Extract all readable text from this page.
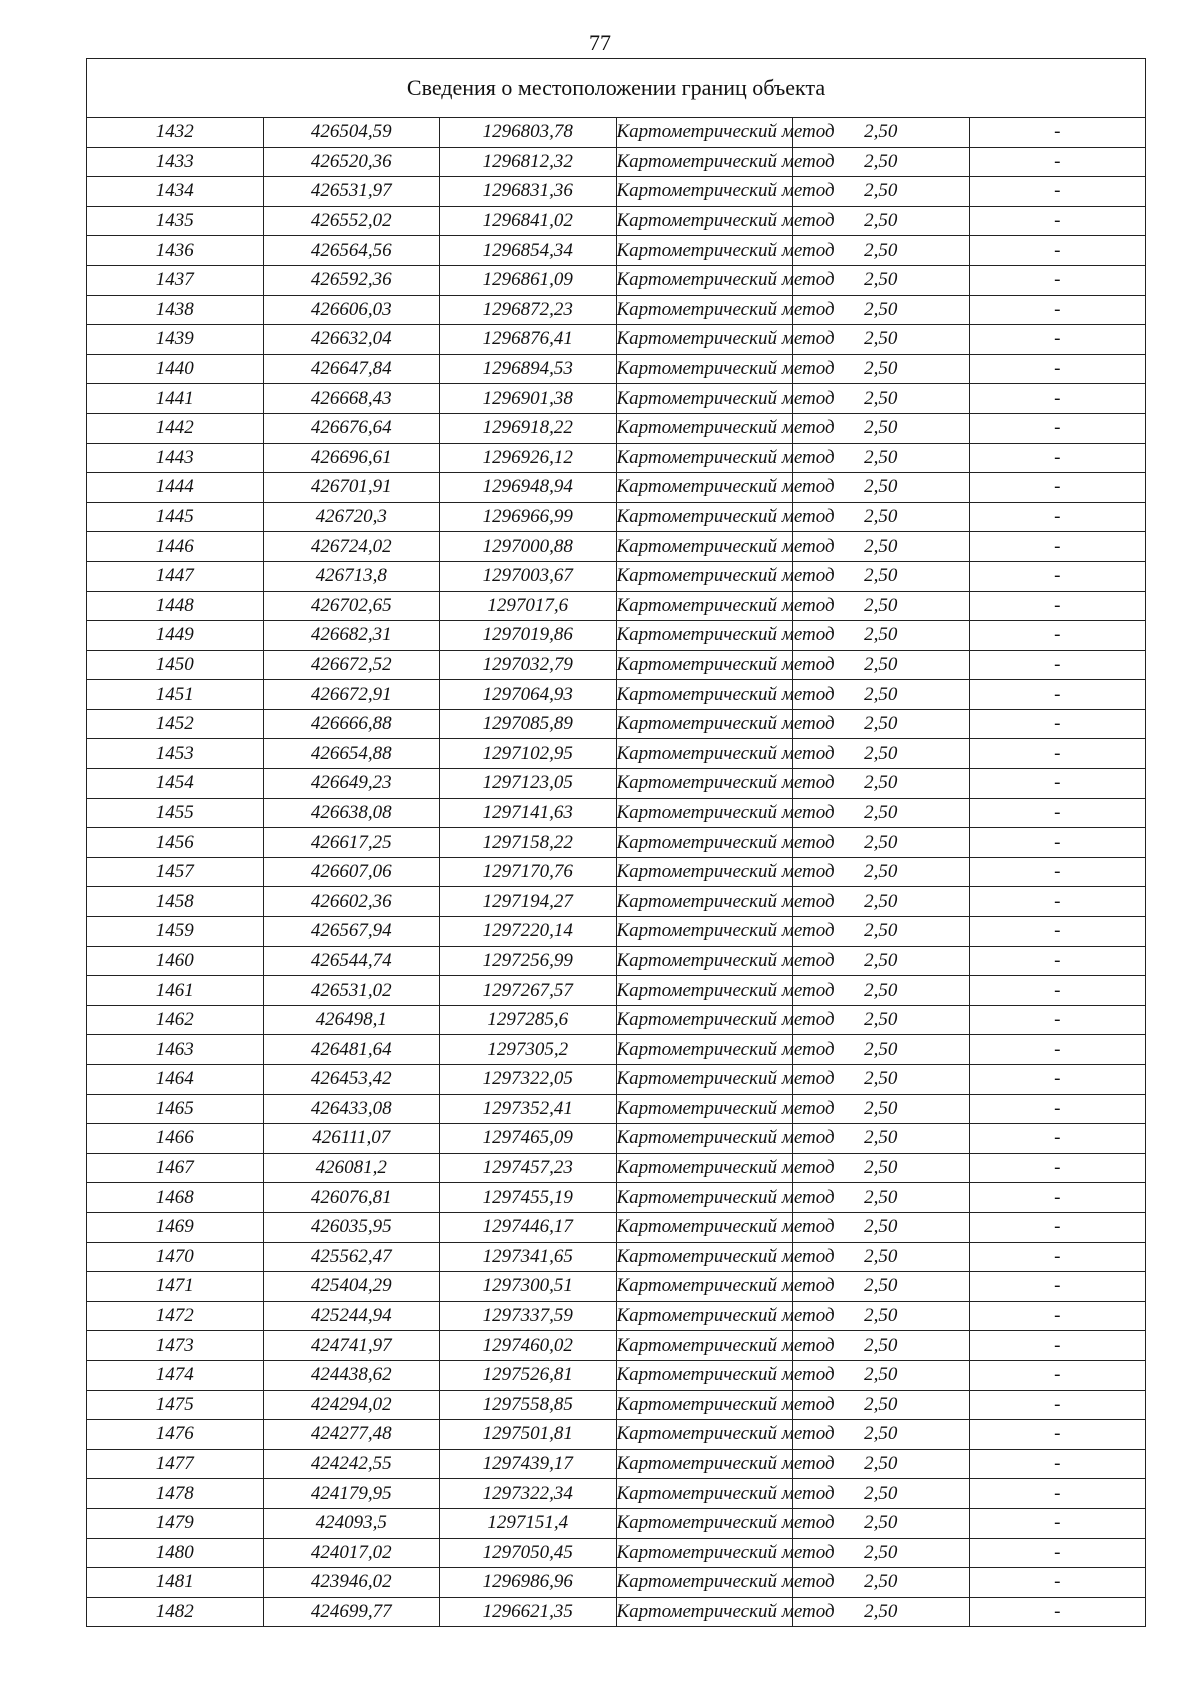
77
Сведения о местоположении границ объекта					
1432	426504,59	1296803,78	Картометрический метод	2,50	-
1433	426520,36	1296812,32	Картометрический метод	2,50	-
1434	426531,97	1296831,36	Картометрический метод	2,50	-
1435	426552,02	1296841,02	Картометрический метод	2,50	-
1436	426564,56	1296854,34	Картометрический метод	2,50	-
1437	426592,36	1296861,09	Картометрический метод	2,50	-
1438	426606,03	1296872,23	Картометрический метод	2,50	-
1439	426632,04	1296876,41	Картометрический метод	2,50	-
1440	426647,84	1296894,53	Картометрический метод	2,50	-
1441	426668,43	1296901,38	Картометрический метод	2,50	-
1442	426676,64	1296918,22	Картометрический метод	2,50	-
1443	426696,61	1296926,12	Картометрический метод	2,50	-
1444	426701,91	1296948,94	Картометрический метод	2,50	-
1445	426720,3	1296966,99	Картометрический метод	2,50	-
1446	426724,02	1297000,88	Картометрический метод	2,50	-
1447	426713,8	1297003,67	Картометрический метод	2,50	-
1448	426702,65	1297017,6	Картометрический метод	2,50	-
1449	426682,31	1297019,86	Картометрический метод	2,50	-
1450	426672,52	1297032,79	Картометрический метод	2,50	-
1451	426672,91	1297064,93	Картометрический метод	2,50	-
1452	426666,88	1297085,89	Картометрический метод	2,50	-
1453	426654,88	1297102,95	Картометрический метод	2,50	-
1454	426649,23	1297123,05	Картометрический метод	2,50	-
1455	426638,08	1297141,63	Картометрический метод	2,50	-
1456	426617,25	1297158,22	Картометрический метод	2,50	-
1457	426607,06	1297170,76	Картометрический метод	2,50	-
1458	426602,36	1297194,27	Картометрический метод	2,50	-
1459	426567,94	1297220,14	Картометрический метод	2,50	-
1460	426544,74	1297256,99	Картометрический метод	2,50	-
1461	426531,02	1297267,57	Картометрический метод	2,50	-
1462	426498,1	1297285,6	Картометрический метод	2,50	-
1463	426481,64	1297305,2	Картометрический метод	2,50	-
1464	426453,42	1297322,05	Картометрический метод	2,50	-
1465	426433,08	1297352,41	Картометрический метод	2,50	-
1466	426111,07	1297465,09	Картометрический метод	2,50	-
1467	426081,2	1297457,23	Картометрический метод	2,50	-
1468	426076,81	1297455,19	Картометрический метод	2,50	-
1469	426035,95	1297446,17	Картометрический метод	2,50	-
1470	425562,47	1297341,65	Картометрический метод	2,50	-
1471	425404,29	1297300,51	Картометрический метод	2,50	-
1472	425244,94	1297337,59	Картометрический метод	2,50	-
1473	424741,97	1297460,02	Картометрический метод	2,50	-
1474	424438,62	1297526,81	Картометрический метод	2,50	-
1475	424294,02	1297558,85	Картометрический метод	2,50	-
1476	424277,48	1297501,81	Картометрический метод	2,50	-
1477	424242,55	1297439,17	Картометрический метод	2,50	-
1478	424179,95	1297322,34	Картометрический метод	2,50	-
1479	424093,5	1297151,4	Картометрический метод	2,50	-
1480	424017,02	1297050,45	Картометрический метод	2,50	-
1481	423946,02	1296986,96	Картометрический метод	2,50	-
1482	424699,77	1296621,35	Картометрический метод	2,50	-
